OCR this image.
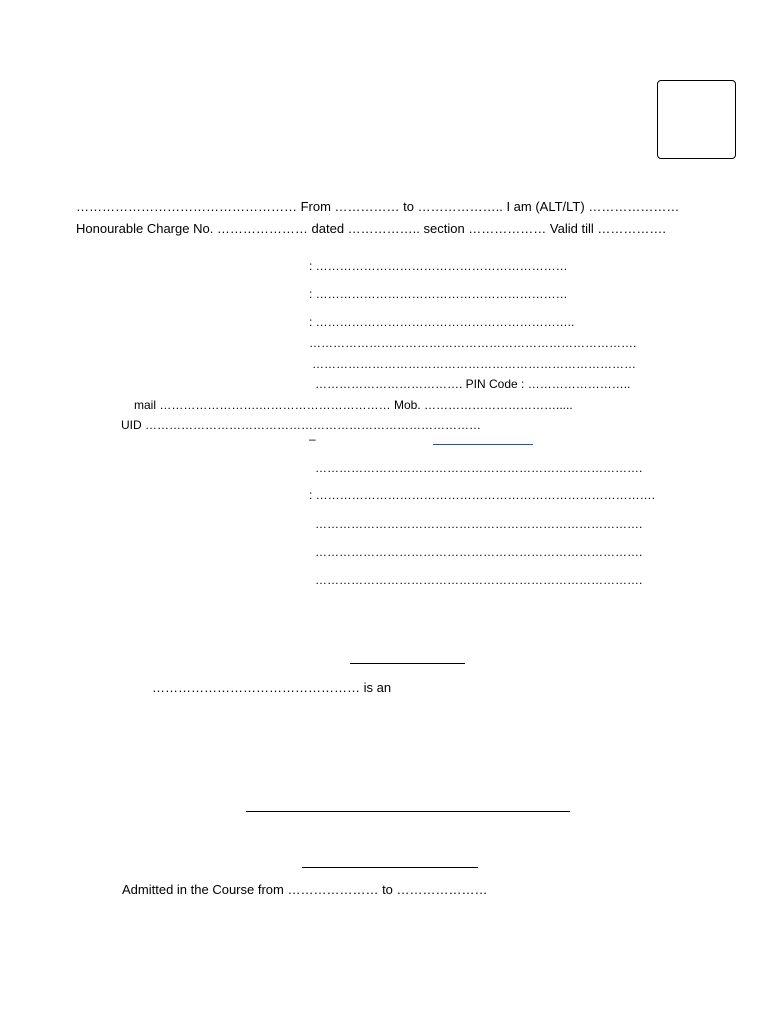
…………………………………………… From …………… to ……………….. I am (ALT/LT) …………………
Honourable Charge No. ………………… dated …………….. section ……………… Valid till …………….
: ………………………………………………………
: ………………………………………………………
: ………………………………………………………..
……………………………………………………………………….
………………………………………………………………………
………………………………. PIN Code : ……………………..
mail …………………….…………………………… Mob. …………………………….....
UID …………………………………………………………………………
–
……………………………………………………………………….
: ………………………………………………………………………….
……………………………………………………………………….
……………………………………………………………………….
……………………………………………………………………….
………………………………………… is an
Admitted in the Course from ………………… to …………………
